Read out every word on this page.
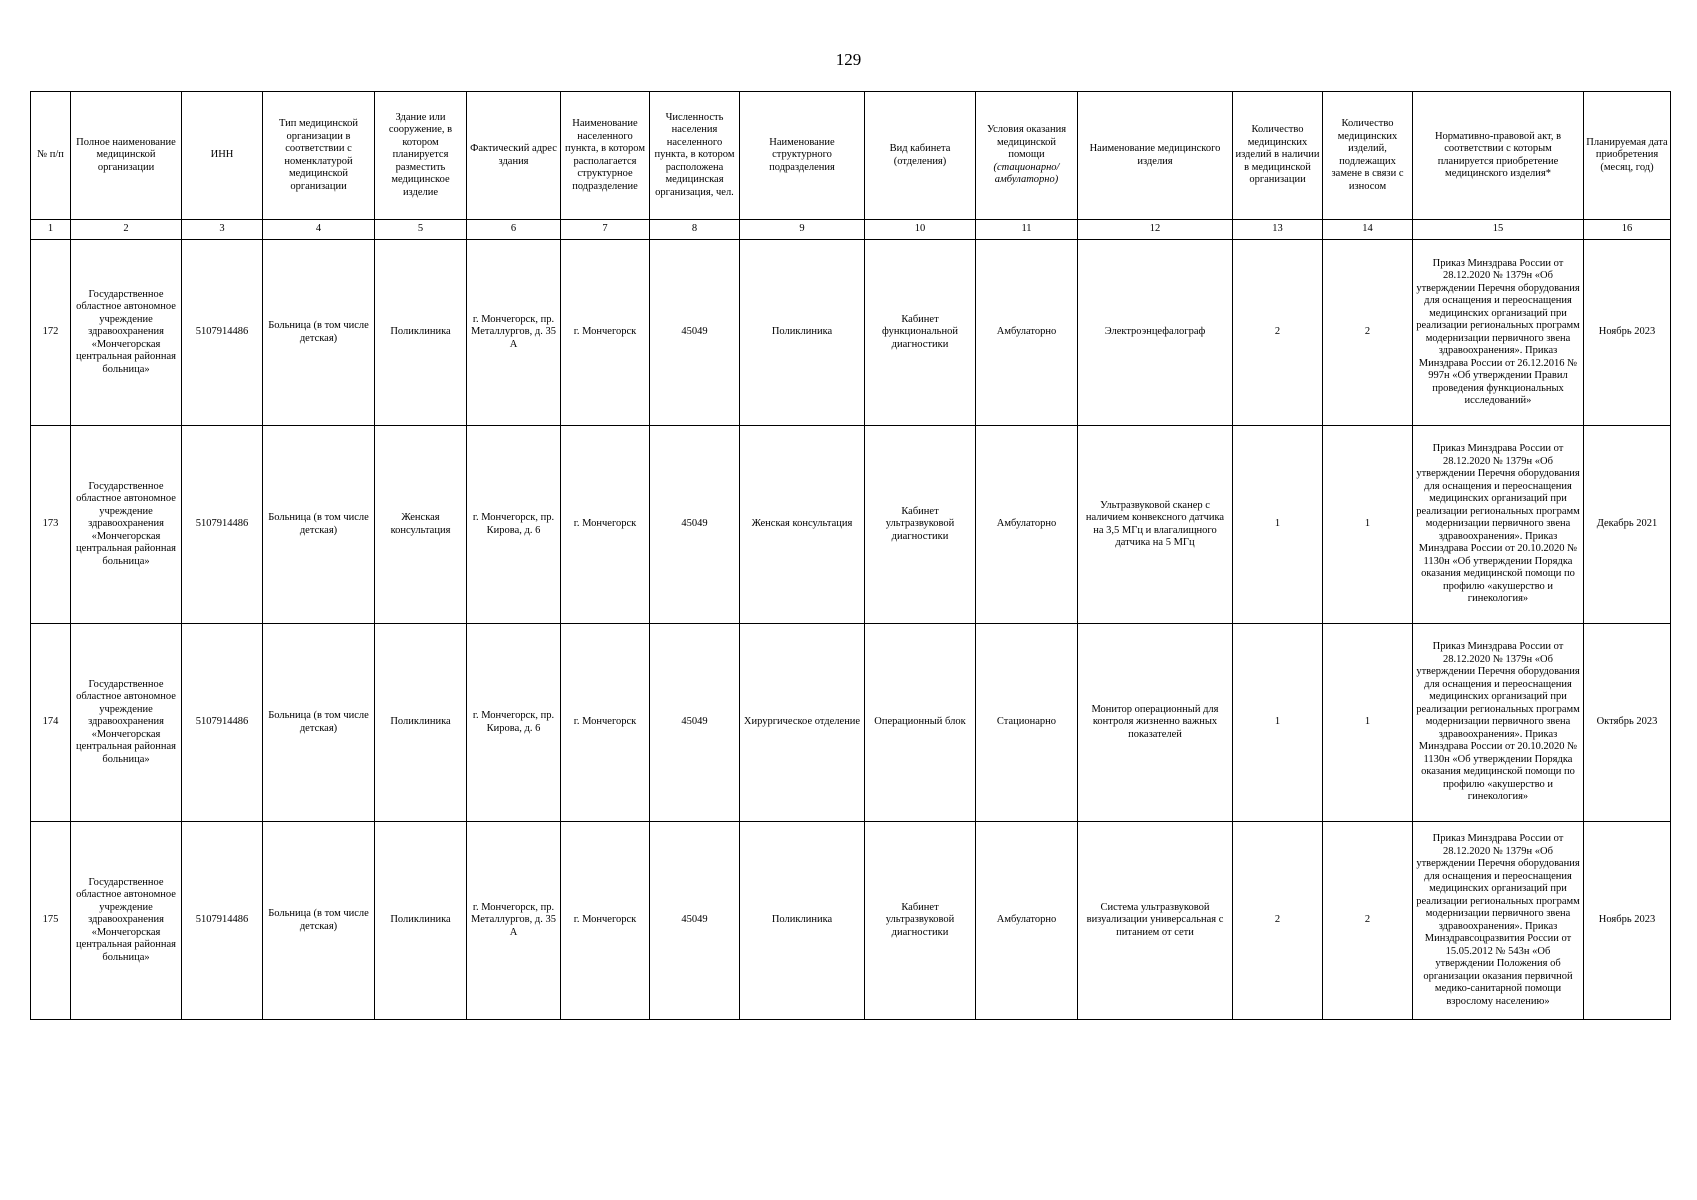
129
№ п/п	Полное наименование медицинской организации	ИНН	Тип медицинской организации в соответствии с номенклатурой медицинской организации	Здание или сооружение, в котором планируется разместить медицинское изделие	Фактический адрес здания	Наименование населенного пункта, в котором располагается структурное подразделение	Численность населения населенного пункта, в котором расположена медицинская организация, чел.	Наименование структурного подразделения	Вид кабинета (отделения)	Условия оказания медицинской помощи (стационарно/ амбулаторно)	Наименование медицинского изделия	Количество медицинских изделий в наличии в медицинской организации	Количество медицинских изделий, подлежащих замене в связи с износом	Нормативно-правовой акт, в соответствии с которым планируется приобретение медицинского изделия*	Планируемая дата приобретения (месяц, год)
1	2	3	4	5	6	7	8	9	10	11	12	13	14	15	16
172	Государственное областное автономное учреждение здравоохранения «Мончегорская центральная районная больница»	5107914486	Больница (в том числе детская)	Поликлиника	г. Мончегорск, пр. Металлургов, д. 35 А	г. Мончегорск	45049	Поликлиника	Кабинет функциональной диагностики	Амбулаторно	Электроэнцефалограф	2	2	Приказ Минздрава России от 28.12.2020 № 1379н «Об утверждении Перечня оборудования для оснащения и переоснащения медицинских организаций при реализации региональных программ модернизации первичного звена здравоохранения». Приказ Минздрава России от 26.12.2016 № 997н «Об утверждении Правил проведения функциональных исследований»	Ноябрь 2023
173	Государственное областное автономное учреждение здравоохранения «Мончегорская центральная районная больница»	5107914486	Больница (в том числе детская)	Женская консультация	г. Мончегорск, пр. Кирова, д. 6	г. Мончегорск	45049	Женская консультация	Кабинет ультразвуковой диагностики	Амбулаторно	Ультразвуковой сканер с наличием конвексного датчика на 3,5 МГц и влагалищного датчика на 5 МГц	1	1	Приказ Минздрава России от 28.12.2020 № 1379н «Об утверждении Перечня оборудования для оснащения и переоснащения медицинских организаций при реализации региональных программ модернизации первичного звена здравоохранения». Приказ Минздрава России от 20.10.2020 № 1130н «Об утверждении Порядка оказания медицинской помощи по профилю «акушерство и гинекология»	Декабрь 2021
174	Государственное областное автономное учреждение здравоохранения «Мончегорская центральная районная больница»	5107914486	Больница (в том числе детская)	Поликлиника	г. Мончегорск, пр. Кирова, д. 6	г. Мончегорск	45049	Хирургическое отделение	Операционный блок	Стационарно	Монитор операционный для контроля жизненно важных показателей	1	1	Приказ Минздрава России от 28.12.2020 № 1379н «Об утверждении Перечня оборудования для оснащения и переоснащения медицинских организаций при реализации региональных программ модернизации первичного звена здравоохранения». Приказ Минздрава России от 20.10.2020 № 1130н «Об утверждении Порядка оказания медицинской помощи по профилю «акушерство и гинекология»	Октябрь 2023
175	Государственное областное автономное учреждение здравоохранения «Мончегорская центральная районная больница»	5107914486	Больница (в том числе детская)	Поликлиника	г. Мончегорск, пр. Металлургов, д. 35 А	г. Мончегорск	45049	Поликлиника	Кабинет ультразвуковой диагностики	Амбулаторно	Система ультразвуковой визуализации универсальная с питанием от сети	2	2	Приказ Минздрава России от 28.12.2020 № 1379н «Об утверждении Перечня оборудования для оснащения и переоснащения медицинских организаций при реализации региональных программ модернизации первичного звена здравоохранения». Приказ Минздравсоцразвития России от 15.05.2012 № 543н «Об утверждении Положения об организации оказания первичной медико-санитарной помощи взрослому населению»	Ноябрь 2023
